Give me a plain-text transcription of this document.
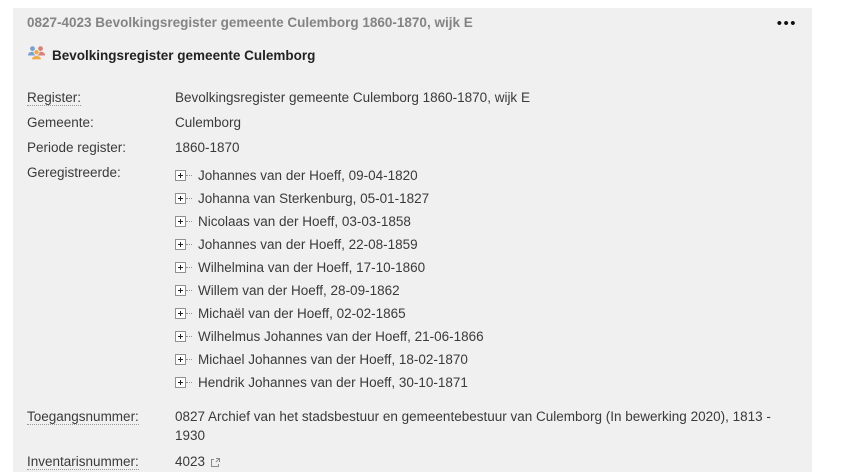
0827-4023 Bevolkingsregister gemeente Culemborg 1860-1870, wijk E	•••
Bevolkingsregister gemeente Culemborg
Register:	Bevolkingsregister gemeente Culemborg 1860-1870, wijk E
Gemeente:	Culemborg
Periode register:	1860-1870
Geregistreerde:	Johannes van der Hoeff, 09-04-1820
Johanna van Sterkenburg, 05-01-1827
Nicolaas van der Hoeff, 03-03-1858
Johannes van der Hoeff, 22-08-1859
Wilhelmina van der Hoeff, 17-10-1860
Willem van der Hoeff, 28-09-1862
Michaël van der Hoeff, 02-02-1865
Wilhelmus Johannes van der Hoeff, 21-06-1866
Michael Johannes van der Hoeff, 18-02-1870
Hendrik Johannes van der Hoeff, 30-10-1871
Toegangsnummer:	0827 Archief van het stadsbestuur en gemeentebestuur van Culemborg (In bewerking 2020), 1813 - 1930
Inventarisnummer:	4023
